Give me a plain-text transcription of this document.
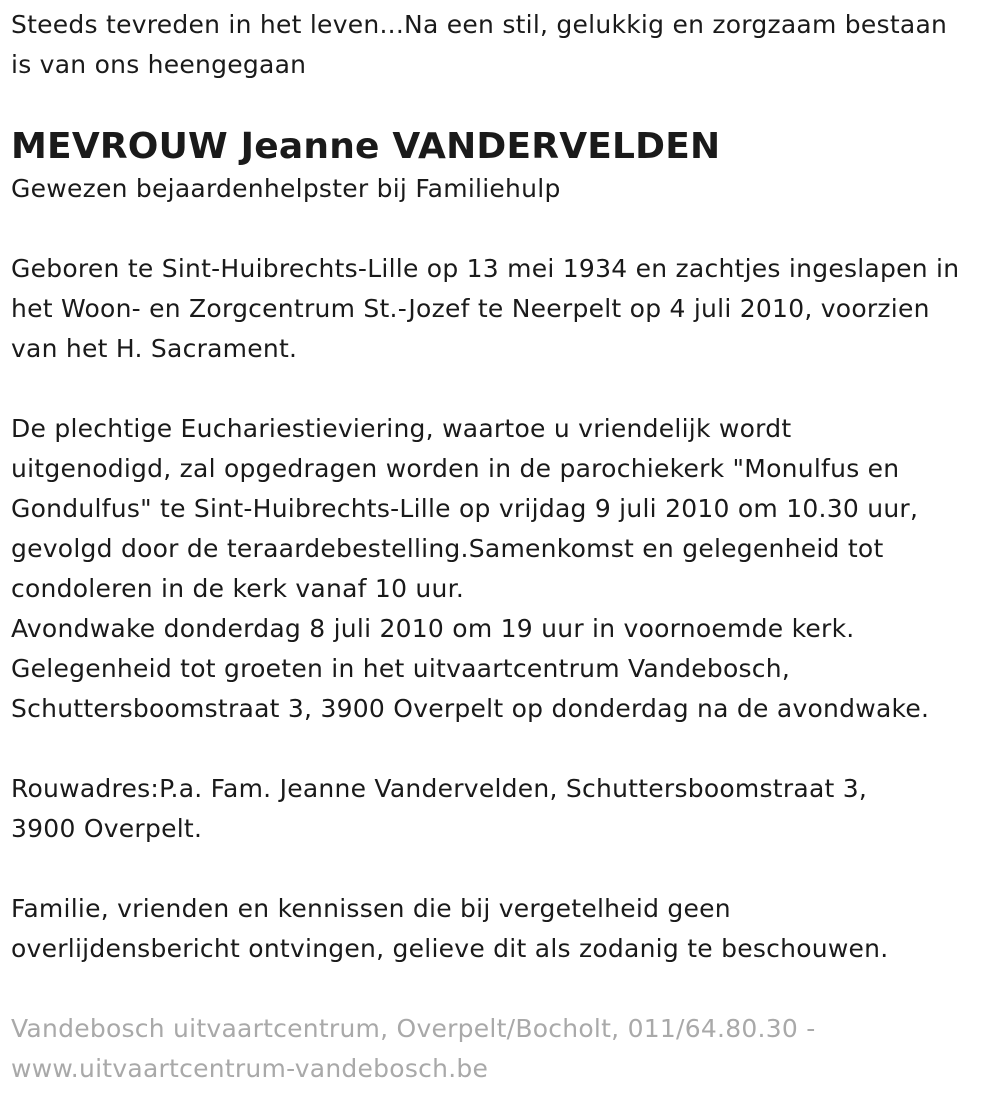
Steeds tevreden in het leven...Na een stil, gelukkig en zorgzaam bestaan
is van ons heengegaan
MEVROUW Jeanne VANDERVELDEN
Gewezen bejaardenhelpster bij Familiehulp
Geboren te Sint-Huibrechts-Lille op 13 mei 1934 en zachtjes ingeslapen in
het Woon- en Zorgcentrum St.-Jozef te Neerpelt op 4 juli 2010, voorzien
van het H. Sacrament.
De plechtige Euchariestieviering, waartoe u vriendelijk wordt
uitgenodigd, zal opgedragen worden in de parochiekerk "Monulfus en
Gondulfus" te Sint-Huibrechts-Lille op vrijdag 9 juli 2010 om 10.30 uur,
gevolgd door de teraardebestelling.Samenkomst en gelegenheid tot
condoleren in de kerk vanaf 10 uur.
Avondwake donderdag 8 juli 2010 om 19 uur in voornoemde kerk.
Gelegenheid tot groeten in het uitvaartcentrum Vandebosch,
Schuttersboomstraat 3, 3900 Overpelt op donderdag na de avondwake.
Rouwadres:P.a. Fam. Jeanne Vandervelden, Schuttersboomstraat 3,
3900 Overpelt.
Familie, vrienden en kennissen die bij vergetelheid geen
overlijdensbericht ontvingen, gelieve dit als zodanig te beschouwen.
Vandebosch uitvaartcentrum, Overpelt/Bocholt, 011/64.80.30 -
www.uitvaartcentrum-vandebosch.be
